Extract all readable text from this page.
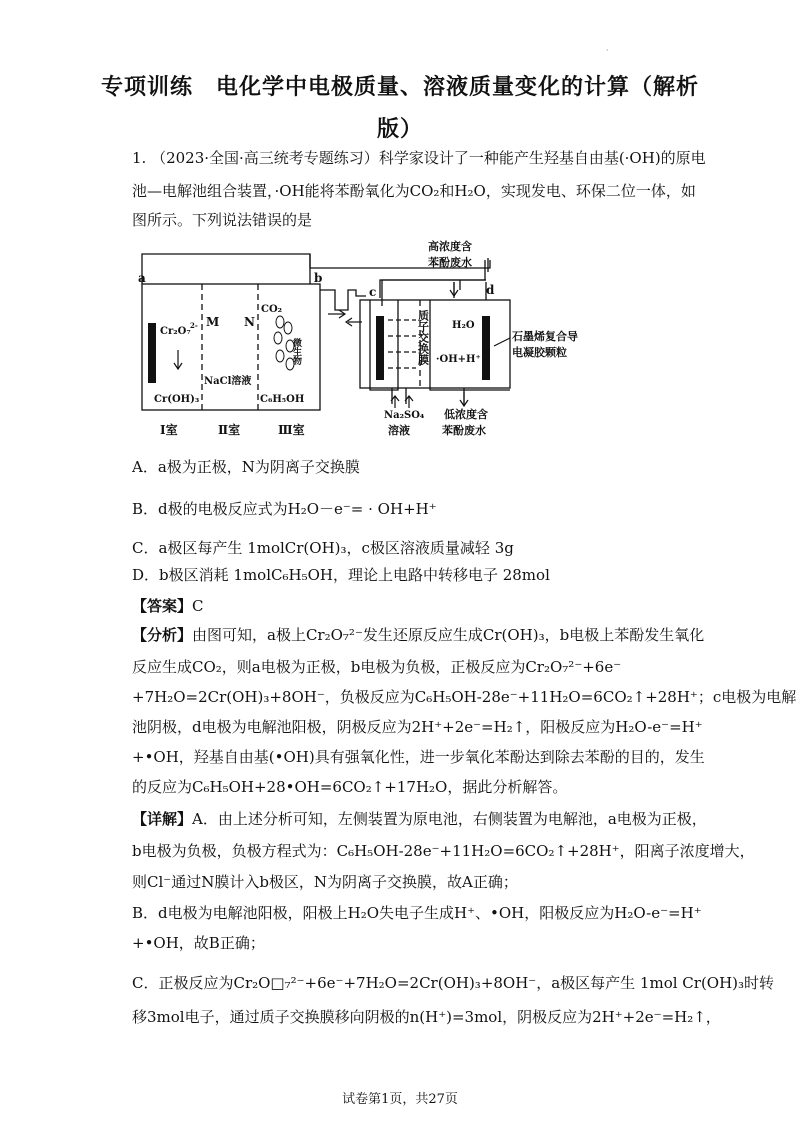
·
专项训练　电化学中电极质量、溶液质量变化的计算（解析
版）
1. （2023·全国·高三统考专题练习）科学家设计了一种能产生羟基自由基(·OH)的原电
池—电解池组合装置，·OH能将苯酚氧化为CO₂和H₂O，实现发电、环保二位一体，如
图所示。下列说法错误的是
a	b
c	d
M N
CO₂
Cr₂O₇
2-
Cr(OH)₃
NaCl溶液
C₆H₅OH
微生物
Ⅰ室	Ⅱ室	Ⅲ室
质子交换膜 H₂O
·OH+H⁺
高浓度含
苯酚废水
石墨烯复合导
电凝胶颗粒
Na₂SO₄
溶液
低浓度含
苯酚废水
A．a极为正极，N为阴离子交换膜
B．d极的电极反应式为H₂O－e⁻= · OH+H⁺
C．a极区每产生 1molCr(OH)₃，c极区溶液质量减轻 3g
D．b极区消耗 1molC₆H₅OH，理论上电路中转移电子 28mol
【答案】C
【分析】由图可知，a极上Cr₂O₇²⁻发生还原反应生成Cr(OH)₃，b电极上苯酚发生氧化
反应生成CO₂，则a电极为正极，b电极为负极，正极反应为Cr₂O₇²⁻+6e⁻
+7H₂O=2Cr(OH)₃+8OH⁻，负极反应为C₆H₅OH-28e⁻+11H₂O=6CO₂↑+28H⁺；c电极为电解
池阴极，d电极为电解池阳极，阴极反应为2H⁺+2e⁻=H₂↑，阳极反应为H₂O-e⁻=H⁺
+•OH，羟基自由基(•OH)具有强氧化性，进一步氧化苯酚达到除去苯酚的目的，发生
的反应为C₆H₅OH+28•OH=6CO₂↑+17H₂O，据此分析解答。
【详解】A．由上述分析可知，左侧装置为原电池，右侧装置为电解池，a电极为正极，
b电极为负极，负极方程式为：C₆H₅OH-28e⁻+11H₂O=6CO₂↑+28H⁺，阳离子浓度增大，
则Cl⁻通过N膜计入b极区，N为阴离子交换膜，故A正确；
B．d电极为电解池阳极，阳极上H₂O失电子生成H⁺、•OH，阳极反应为H₂O-e⁻=H⁺
+•OH，故B正确；
C．正极反应为Cr₂O□₇²⁻+6e⁻+7H₂O=2Cr(OH)₃+8OH⁻，a极区每产生 1mol Cr(OH)₃时转
移3mol电子，通过质子交换膜移向阴极的n(H⁺)=3mol，阴极反应为2H⁺+2e⁻=H₂↑，
试卷第1页，共27页
